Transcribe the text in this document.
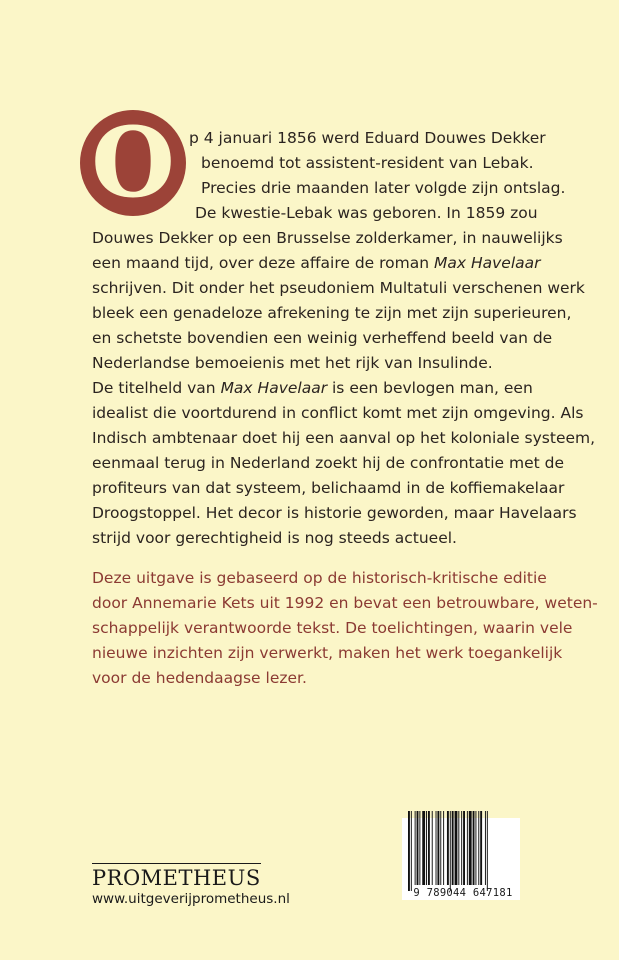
O p 4 januari 1856 werd Eduard Douwes Dekker
benoemd tot assistent-resident van Lebak.
Precies drie maanden later volgde zijn ontslag.
De kwestie-Lebak was geboren. In 1859 zou
Douwes Dekker op een Brusselse zolderkamer, in nauwelijks
een maand tijd, over deze affaire de roman Max Havelaar
schrijven. Dit onder het pseudoniem Multatuli verschenen werk
bleek een genadeloze afrekening te zijn met zijn superieuren,
en schetste bovendien een weinig verheffend beeld van de
Nederlandse bemoeienis met het rijk van Insulinde.
De titelheld van Max Havelaar is een bevlogen man, een
idealist die voortdurend in conflict komt met zijn omgeving. Als
Indisch ambtenaar doet hij een aanval op het koloniale systeem,
eenmaal terug in Nederland zoekt hij de confrontatie met de
profiteurs van dat systeem, belichaamd in de koffiemakelaar
Droogstoppel. Het decor is historie geworden, maar Havelaars
strijd voor gerechtigheid is nog steeds actueel.
Deze uitgave is gebaseerd op de historisch-kritische editie
door Annemarie Kets uit 1992 en bevat een betrouwbare, weten-
schappelijk verantwoorde tekst. De toelichtingen, waarin vele
nieuwe inzichten zijn verwerkt, maken het werk toegankelijk
voor de hedendaagse lezer.
PROMETHEUS
www.uitgeverijprometheus.nl	9 789044 647181
